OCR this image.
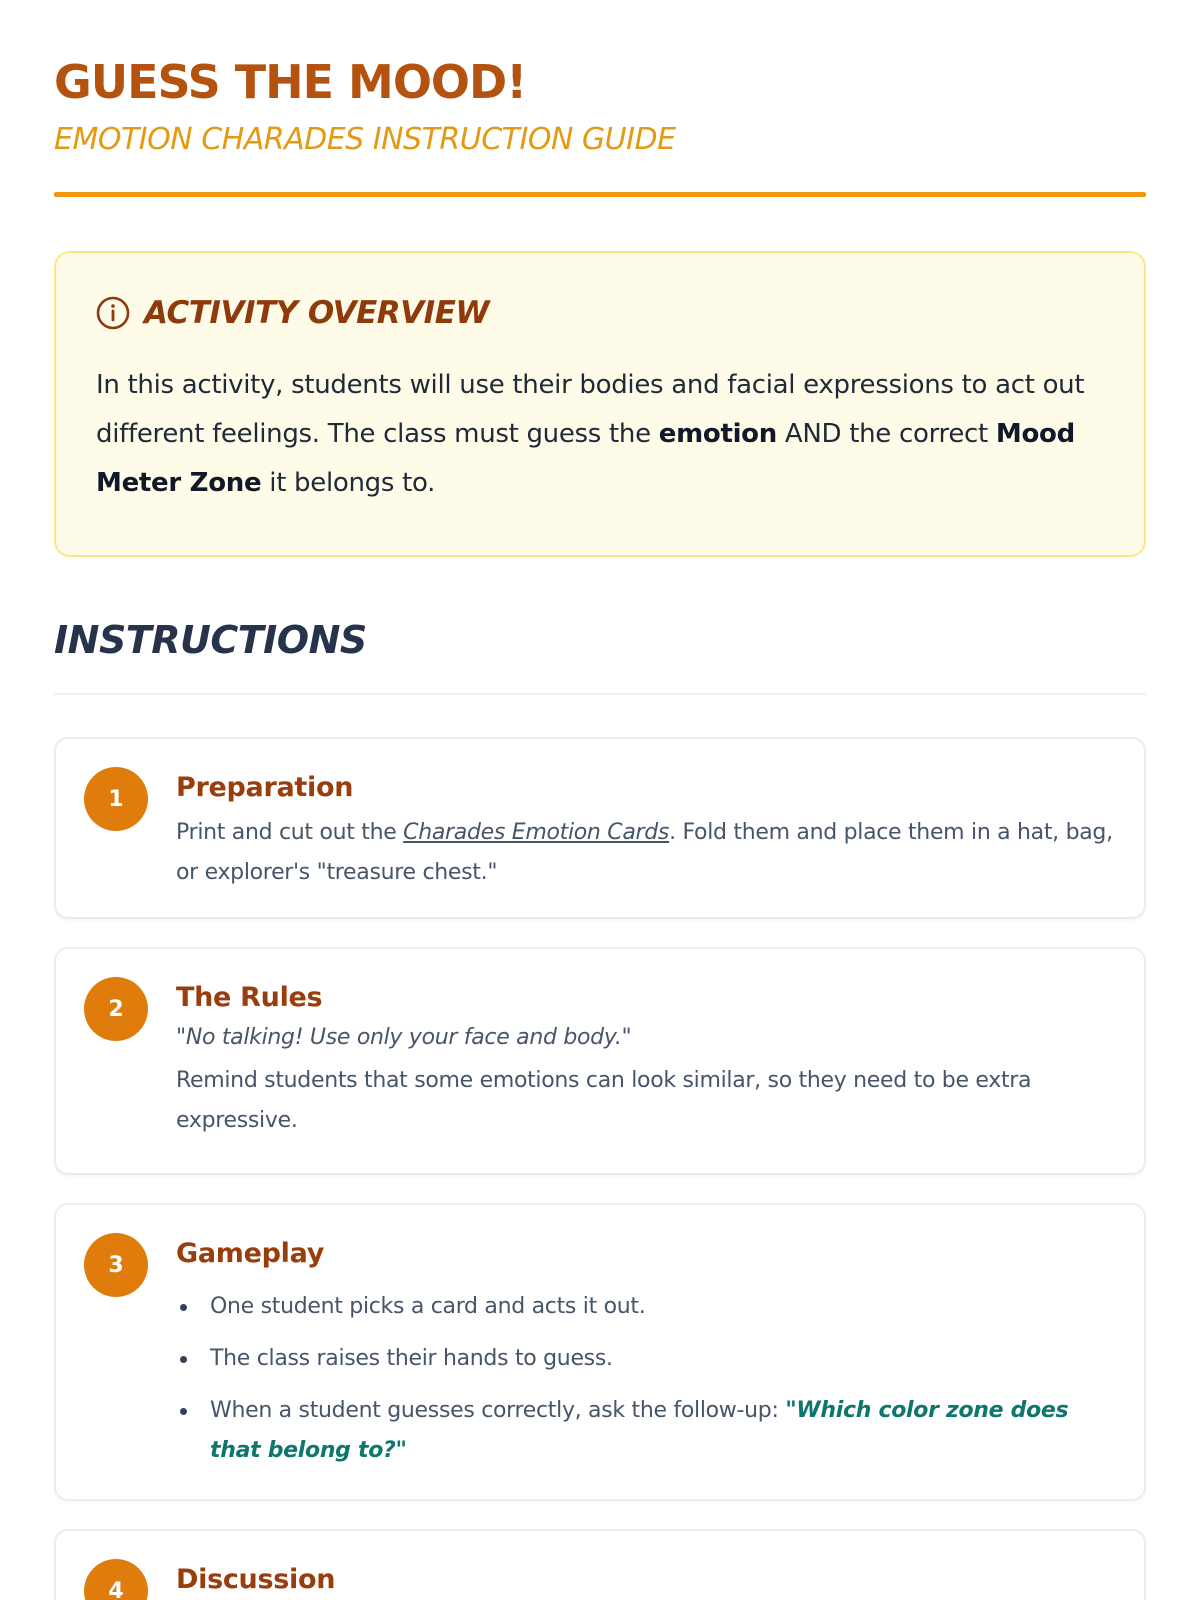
GUESS THE MOOD!
EMOTION CHARADES INSTRUCTION GUIDE
ACTIVITY OVERVIEW

In this activity, students will use their bodies and facial expressions to act out different feelings. The class must guess the emotion AND the correct Mood Meter Zone it belongs to.

INSTRUCTIONS
1	Preparation

Print and cut out the Charades Emotion Cards. Fold them and place them in a hat, bag, or explorer's "treasure chest."

2	The Rules

"No talking! Use only your face and body."

Remind students that some emotions can look similar, so they need to be extra expressive.

3	Gameplay
One student picks a card and acts it out.
The class raises their hands to guess.
When a student guesses correctly, ask the follow-up: "Which color zone does that belong to?"
4	Discussion
